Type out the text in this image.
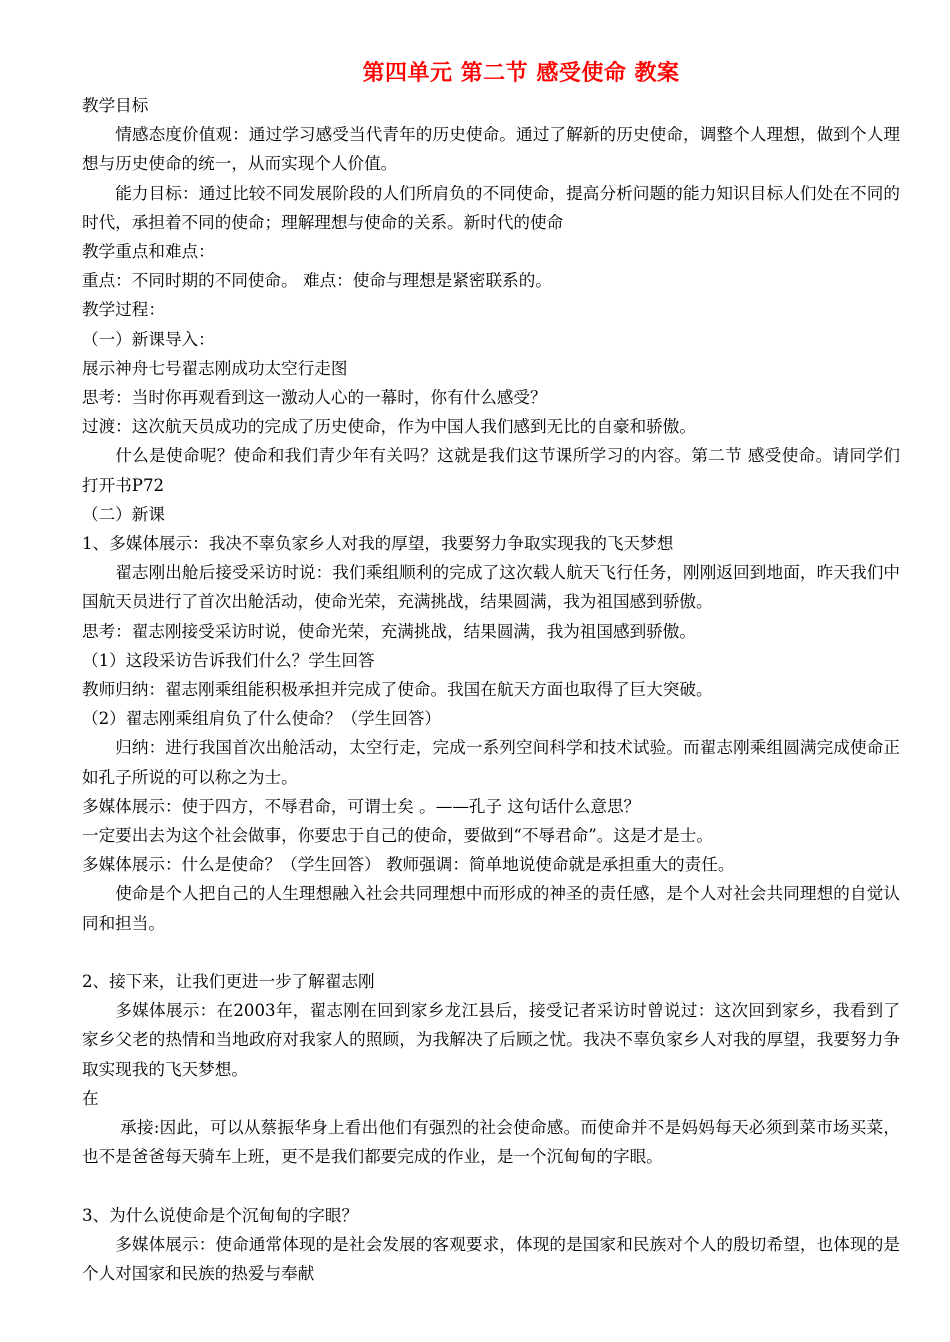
第四单元 第二节 感受使命 教案

教学目标

情感态度价值观：通过学习感受当代青年的历史使命。通过了解新的历史使命，调整个人理想，做到个人理想与历史使命的统一，从而实现个人价值。

能力目标：通过比较不同发展阶段的人们所肩负的不同使命，提高分析问题的能力知识目标人们处在不同的时代，承担着不同的使命；理解理想与使命的关系。新时代的使命

教学重点和难点：

重点：不同时期的不同使命。 难点：使命与理想是紧密联系的。

教学过程：

（一）新课导入：

展示神舟七号翟志刚成功太空行走图

思考：当时你再观看到这一激动人心的一幕时，你有什么感受？

过渡：这次航天员成功的完成了历史使命，作为中国人我们感到无比的自豪和骄傲。

什么是使命呢？使命和我们青少年有关吗？这就是我们这节课所学习的内容。第二节 感受使命。请同学们打开书P72

（二）新课

1、多媒体展示：我决不辜负家乡人对我的厚望，我要努力争取实现我的飞天梦想

翟志刚出舱后接受采访时说：我们乘组顺利的完成了这次载人航天飞行任务，刚刚返回到地面，昨天我们中国航天员进行了首次出舱活动，使命光荣，充满挑战，结果圆满，我为祖国感到骄傲。

思考：翟志刚接受采访时说，使命光荣，充满挑战，结果圆满，我为祖国感到骄傲。

（1）这段采访告诉我们什么？学生回答

教师归纳：翟志刚乘组能积极承担并完成了使命。我国在航天方面也取得了巨大突破。

（2）翟志刚乘组肩负了什么使命？（学生回答）

归纳：进行我国首次出舱活动，太空行走，完成一系列空间科学和技术试验。而翟志刚乘组圆满完成使命正如孔子所说的可以称之为士。

多媒体展示：使于四方，不辱君命，可谓士矣 。——孔子 这句话什么意思？

一定要出去为这个社会做事，你要忠于自己的使命，要做到“不辱君命”。这是才是士。

多媒体展示：什么是使命？（学生回答） 教师强调：简单地说使命就是承担重大的责任。

使命是个人把自己的人生理想融入社会共同理想中而形成的神圣的责任感，是个人对社会共同理想的自觉认同和担当。

2、接下来，让我们更进一步了解翟志刚

多媒体展示：在2003年，翟志刚在回到家乡龙江县后，接受记者采访时曾说过：这次回到家乡，我看到了家乡父老的热情和当地政府对我家人的照顾，为我解决了后顾之忧。我决不辜负家乡人对我的厚望，我要努力争取实现我的飞天梦想。

在

承接:因此，可以从蔡振华身上看出他们有强烈的社会使命感。而使命并不是妈妈每天必须到菜市场买菜，也不是爸爸每天骑车上班，更不是我们都要完成的作业，是一个沉甸甸的字眼。

3、为什么说使命是个沉甸甸的字眼？

多媒体展示：使命通常体现的是社会发展的客观要求，体现的是国家和民族对个人的殷切希望，也体现的是个人对国家和民族的热爱与奉献
